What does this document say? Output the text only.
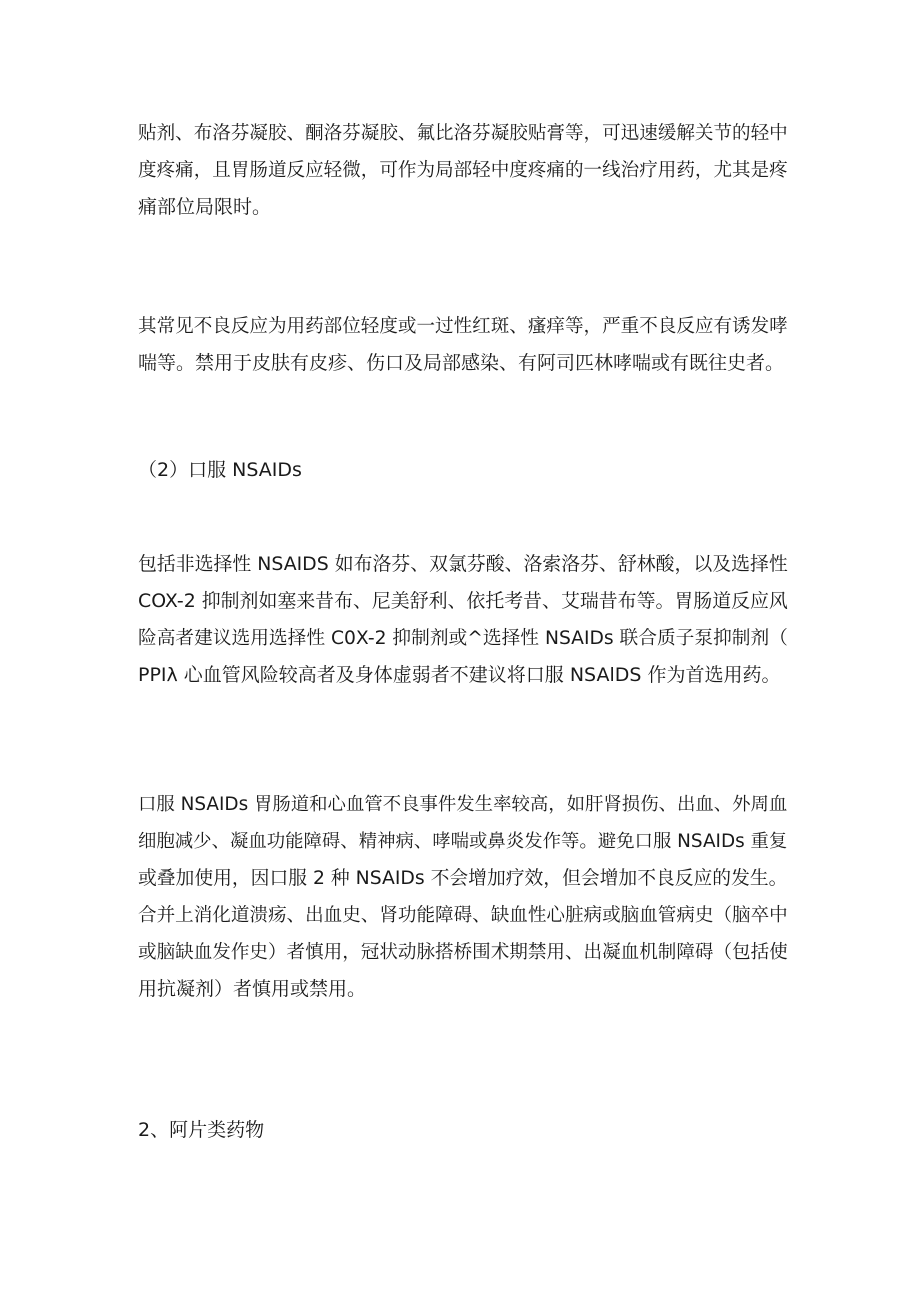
贴剂、布洛芬凝胶、酮洛芬凝胶、氟比洛芬凝胶贴膏等，可迅速缓解关节的轻中
度疼痛，且胃肠道反应轻微，可作为局部轻中度疼痛的一线治疗用药，尤其是疼
痛部位局限时。

其常见不良反应为用药部位轻度或一过性红斑、瘙痒等，严重不良反应有诱发哮
喘等。禁用于皮肤有皮疹、伤口及局部感染、有阿司匹林哮喘或有既往史者。

（2）口服 NSAIDs

包括非选择性 NSAIDS 如布洛芬、双氯芬酸、洛索洛芬、舒林酸，以及选择性
COX-2 抑制剂如塞来昔布、尼美舒利、依托考昔、艾瑞昔布等。胃肠道反应风
险高者建议选用选择性 C0X-2 抑制剂或^选择性 NSAIDs 联合质子泵抑制剂（
PPIλ 心血管风险较高者及身体虚弱者不建议将口服 NSAlDS 作为首选用药。

口服 NSAIDs 胃肠道和心血管不良事件发生率较高，如肝肾损伤、出血、外周血
细胞减少、凝血功能障碍、精神病、哮喘或鼻炎发作等。避免口服 NSAIDs 重复
或叠加使用，因口服 2 种 NSAIDs 不会增加疗效，但会增加不良反应的发生。
合并上消化道溃疡、出血史、肾功能障碍、缺血性心脏病或脑血管病史（脑卒中
或脑缺血发作史）者慎用，冠状动脉搭桥围术期禁用、出凝血机制障碍（包括使
用抗凝剂）者慎用或禁用。

2、阿片类药物
